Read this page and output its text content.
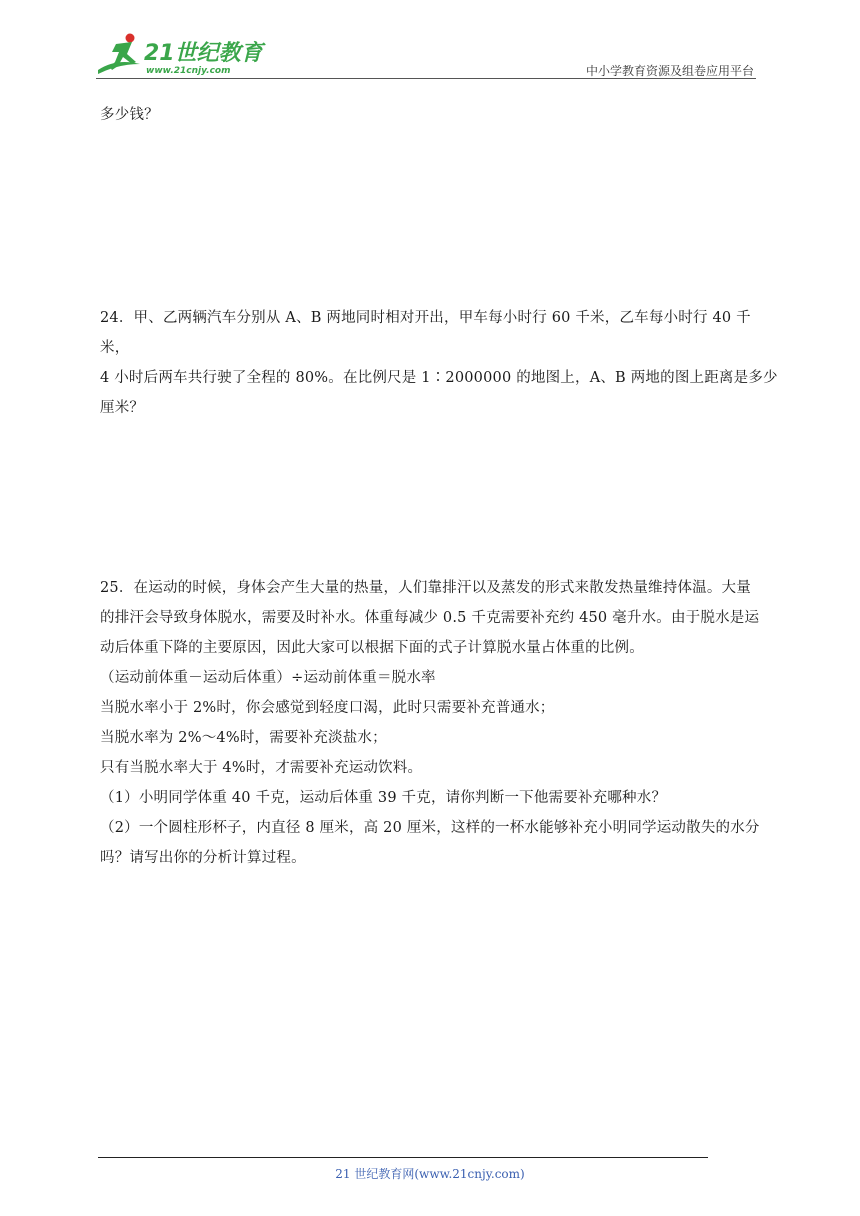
21世纪教育
www.21cnjy.com	中小学教育资源及组卷应用平台

多少钱？

24．甲、乙两辆汽车分别从 A、B 两地同时相对开出，甲车每小时行 60 千米，乙车每小时行 40 千米，

4 小时后两车共行驶了全程的 80%。在比例尺是 1∶2000000 的地图上，A、B 两地的图上距离是多少

厘米？

25．在运动的时候，身体会产生大量的热量，人们靠排汗以及蒸发的形式来散发热量维持体温。大量

的排汗会导致身体脱水，需要及时补水。体重每减少 0.5 千克需要补充约 450 毫升水。由于脱水是运

动后体重下降的主要原因，因此大家可以根据下面的式子计算脱水量占体重的比例。

（运动前体重－运动后体重）÷运动前体重＝脱水率

当脱水率小于 2%时，你会感觉到轻度口渴，此时只需要补充普通水；

当脱水率为 2%～4%时，需要补充淡盐水；

只有当脱水率大于 4%时，才需要补充运动饮料。

（1）小明同学体重 40 千克，运动后体重 39 千克，请你判断一下他需要补充哪种水？

（2）一个圆柱形杯子，内直径 8 厘米，高 20 厘米，这样的一杯水能够补充小明同学运动散失的水分

吗？请写出你的分析计算过程。

21 世纪教育网(www.21cnjy.com)
